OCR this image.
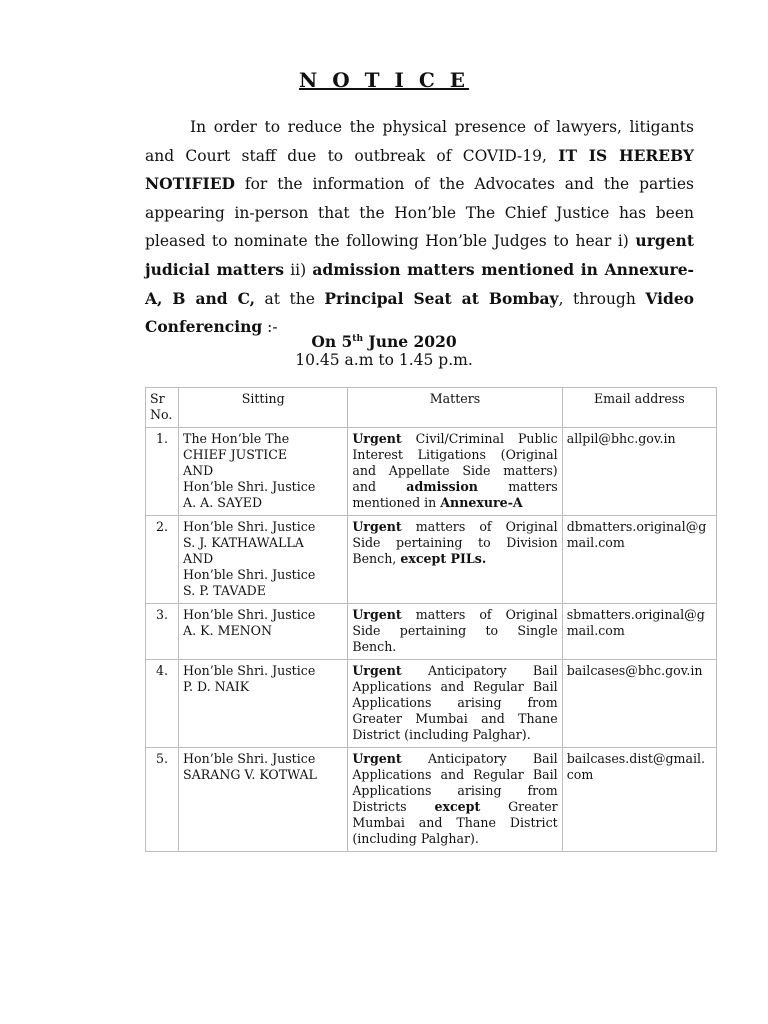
N O T I C E
In order to reduce the physical presence of lawyers, litigants and Court staff due to outbreak of COVID-19, IT IS HEREBY NOTIFIED for the information of the Advocates and the parties appearing in-person that the Hon’ble The Chief Justice has been pleased to nominate the following Hon’ble Judges to hear i) urgent judicial matters ii) admission matters mentioned in Annexure-A, B and C, at the Principal Seat at Bombay, through Video Conferencing :-
On 5th June 2020
10.45 a.m to 1.45 p.m.
Sr No.	Sitting	Matters	Email address
1.	The Hon’ble The
CHIEF JUSTICE
AND
Hon’ble Shri. Justice
A. A. SAYED	Urgent Civil/Criminal Public Interest Litigations (Original and Appellate Side matters) and admission matters mentioned in Annexure-A	allpil@bhc.gov.in
2.	Hon’ble Shri. Justice
S. J. KATHAWALLA
AND
Hon’ble Shri. Justice
S. P. TAVADE	Urgent matters of Original Side pertaining to Division Bench, except PILs.	dbmatters.original@gmail.com
3.	Hon’ble Shri. Justice
A. K. MENON	Urgent matters of Original Side pertaining to Single Bench.	sbmatters.original@gmail.com
4.	Hon’ble Shri. Justice
P. D. NAIK	Urgent Anticipatory Bail Applications and Regular Bail Applications arising from Greater Mumbai and Thane District (including Palghar).	bailcases@bhc.gov.in
5.	Hon’ble Shri. Justice
SARANG V. KOTWAL	Urgent Anticipatory Bail Applications and Regular Bail Applications arising from Districts except Greater Mumbai and Thane District (including Palghar).	bailcases.dist@gmail.com
